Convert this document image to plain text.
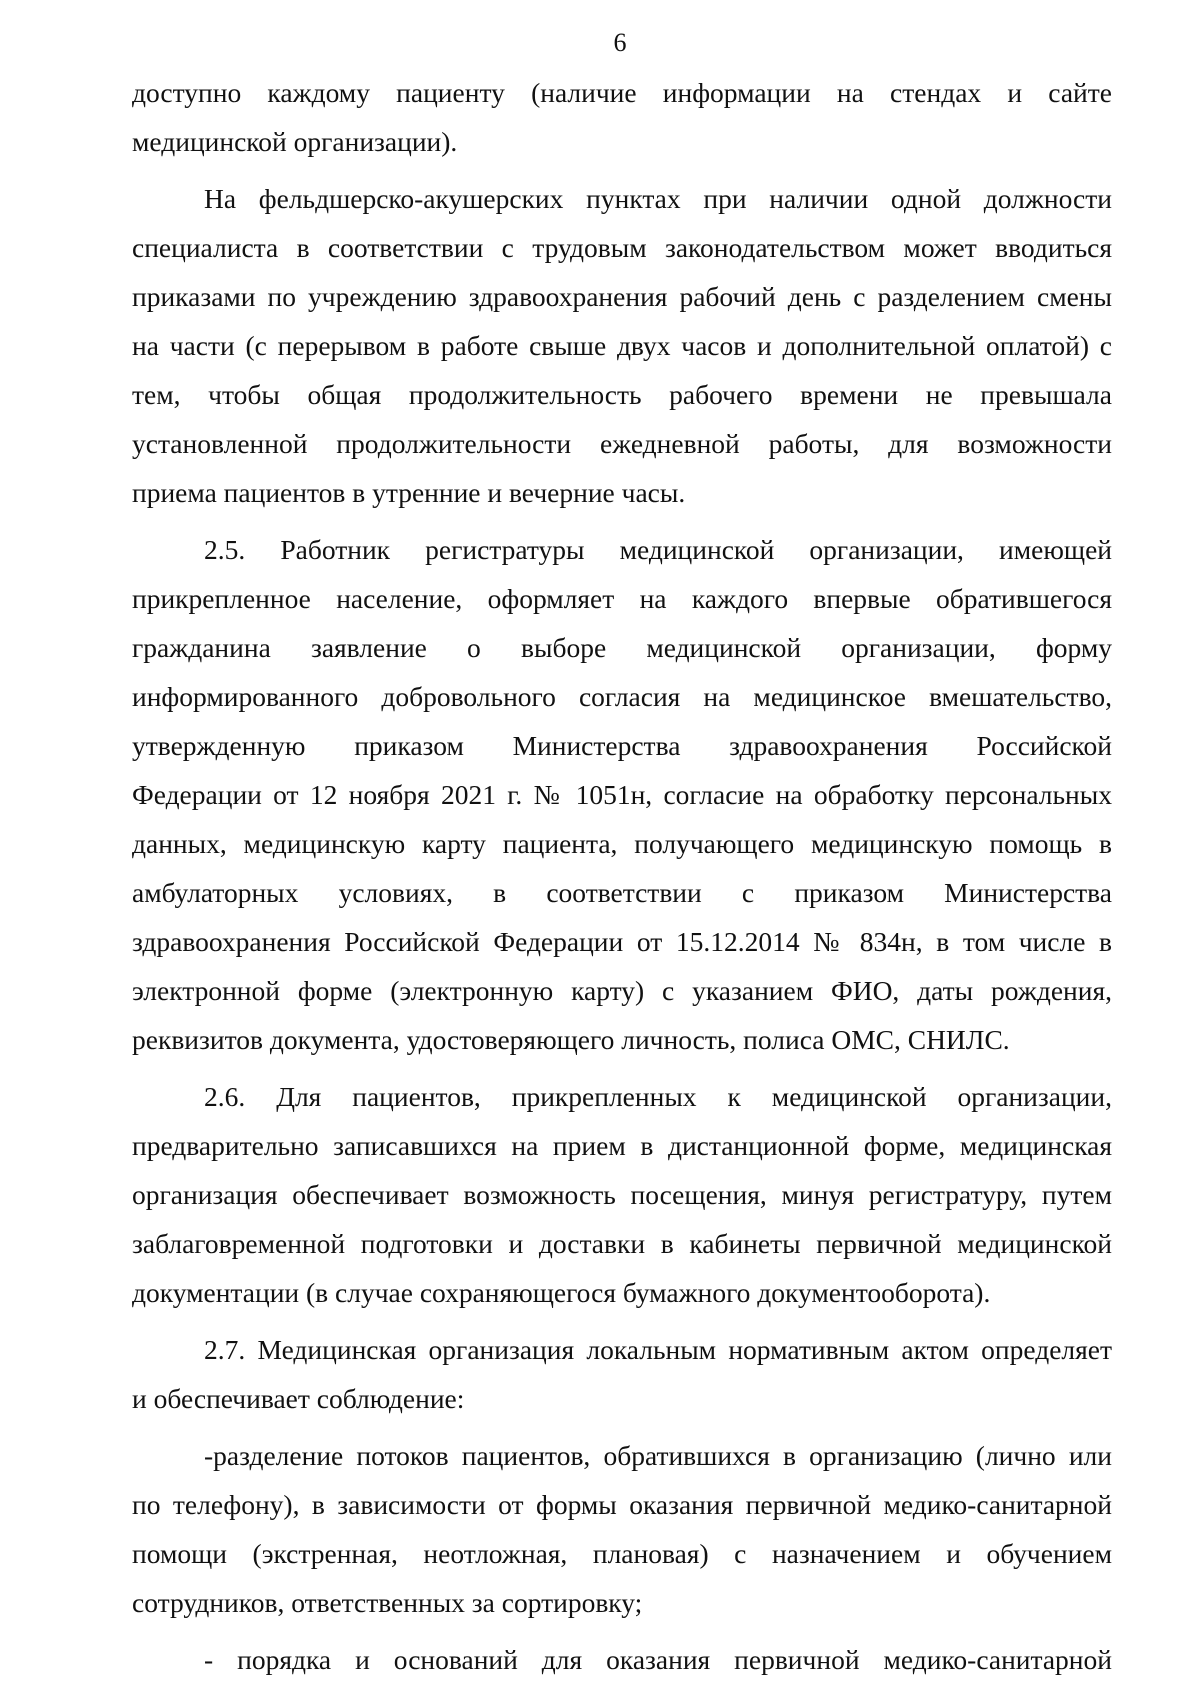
6
доступно каждому пациенту (наличие информации на стендах и сайте
медицинской организации).
На фельдшерско-акушерских пунктах при наличии одной должности
специалиста в соответствии с трудовым законодательством может вводиться
приказами по учреждению здравоохранения рабочий день с разделением смены
на части (с перерывом в работе свыше двух часов и дополнительной оплатой) с
тем, чтобы общая продолжительность рабочего времени не превышала
установленной продолжительности ежедневной работы, для возможности
приема пациентов в утренние и вечерние часы.
2.5. Работник регистратуры медицинской организации, имеющей
прикрепленное население, оформляет на каждого впервые обратившегося
гражданина заявление о выборе медицинской организации, форму
информированного добровольного согласия на медицинское вмешательство,
утвержденную приказом Министерства здравоохранения Российской
Федерации от 12 ноября 2021 г. № 1051н, согласие на обработку персональных
данных, медицинскую карту пациента, получающего медицинскую помощь в
амбулаторных условиях, в соответствии с приказом Министерства
здравоохранения Российской Федерации от 15.12.2014 № 834н, в том числе в
электронной форме (электронную карту) с указанием ФИО, даты рождения,
реквизитов документа, удостоверяющего личность, полиса ОМС, СНИЛС.
2.6. Для пациентов, прикрепленных к медицинской организации,
предварительно записавшихся на прием в дистанционной форме, медицинская
организация обеспечивает возможность посещения, минуя регистратуру, путем
заблаговременной подготовки и доставки в кабинеты первичной медицинской
документации (в случае сохраняющегося бумажного документооборота).
2.7. Медицинская организация локальным нормативным актом определяет
и обеспечивает соблюдение:
-разделение потоков пациентов, обратившихся в организацию (лично или
по телефону), в зависимости от формы оказания первичной медико-санитарной
помощи (экстренная, неотложная, плановая) с назначением и обучением
сотрудников, ответственных за сортировку;
- порядка и оснований для оказания первичной медико-санитарной
